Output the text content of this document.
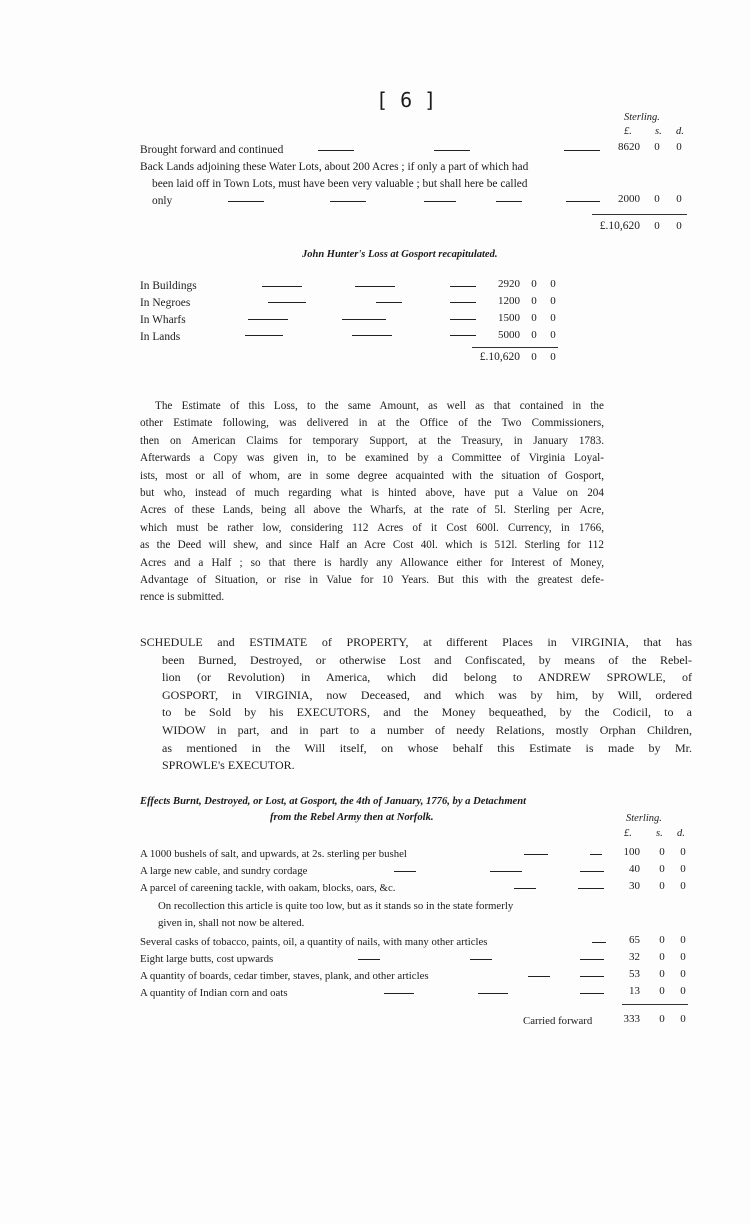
[ 6 ]
Sterling.
£. s. d.
Brought forward and continued	8620 0 0
Back Lands adjoining these Water Lots, about 200 Acres ; if only a part of which had
been laid off in Town Lots, must have been very valuable ; but shall here be called
only	2000 0 0
£.10,620 0 0
John Hunter's Loss at Gosport recapitulated.
In Buildings	2920 0 0
In Negroes	1200 0 0
In Wharfs	1500 0 0
In Lands	5000 0 0
£.10,620 0 0
The Estimate of this Loss, to the same Amount, as well as that contained in the
other Estimate following, was delivered in at the Office of the Two Commissioners,
then on American Claims for temporary Support, at the Treasury, in January 1783.
Afterwards a Copy was given in, to be examined by a Committee of Virginia Loyal-
ists, most or all of whom, are in some degree acquainted with the situation of Gosport,
but who, instead of much regarding what is hinted above, have put a Value on 204
Acres of these Lands, being all above the Wharfs, at the rate of 5l. Sterling per Acre,
which must be rather low, considering 112 Acres of it Cost 600l. Currency, in 1766,
as the Deed will shew, and since Half an Acre Cost 40l. which is 512l. Sterling for 112
Acres and a Half ; so that there is hardly any Allowance either for Interest of Money,
Advantage of Situation, or rise in Value for 10 Years. But this with the greatest defe-
rence is submitted.
SCHEDULE and ESTIMATE of PROPERTY, at different Places in VIRGINIA, that has
been Burned, Destroyed, or otherwise Lost and Confiscated, by means of the Rebel-
lion (or Revolution) in America, which did belong to ANDREW SPROWLE, of
GOSPORT, in VIRGINIA, now Deceased, and which was by him, by Will, ordered
to be Sold by his EXECUTORS, and the Money bequeathed, by the Codicil, to a
WIDOW in part, and in part to a number of needy Relations, mostly Orphan Children,
as mentioned in the Will itself, on whose behalf this Estimate is made by Mr.
SPROWLE's EXECUTOR.
Effects Burnt, Destroyed, or Lost, at Gosport, the 4th of January, 1776, by a Detachment
from the Rebel Army then at Norfolk.	Sterling.
£. s. d.
A 1000 bushels of salt, and upwards, at 2s. sterling per bushel	100 0 0
A large new cable, and sundry cordage	40 0 0
A parcel of careening tackle, with oakam, blocks, oars, &c.	30 0 0
On recollection this article is quite too low, but as it stands so in the state formerly
given in, shall not now be altered.
Several casks of tobacco, paints, oil, a quantity of nails, with many other articles	65 0 0
Eight large butts, cost upwards	32 0 0
A quantity of boards, cedar timber, staves, plank, and other articles	53 0 0
A quantity of Indian corn and oats	13 0 0
Carried forward	333 0 0
